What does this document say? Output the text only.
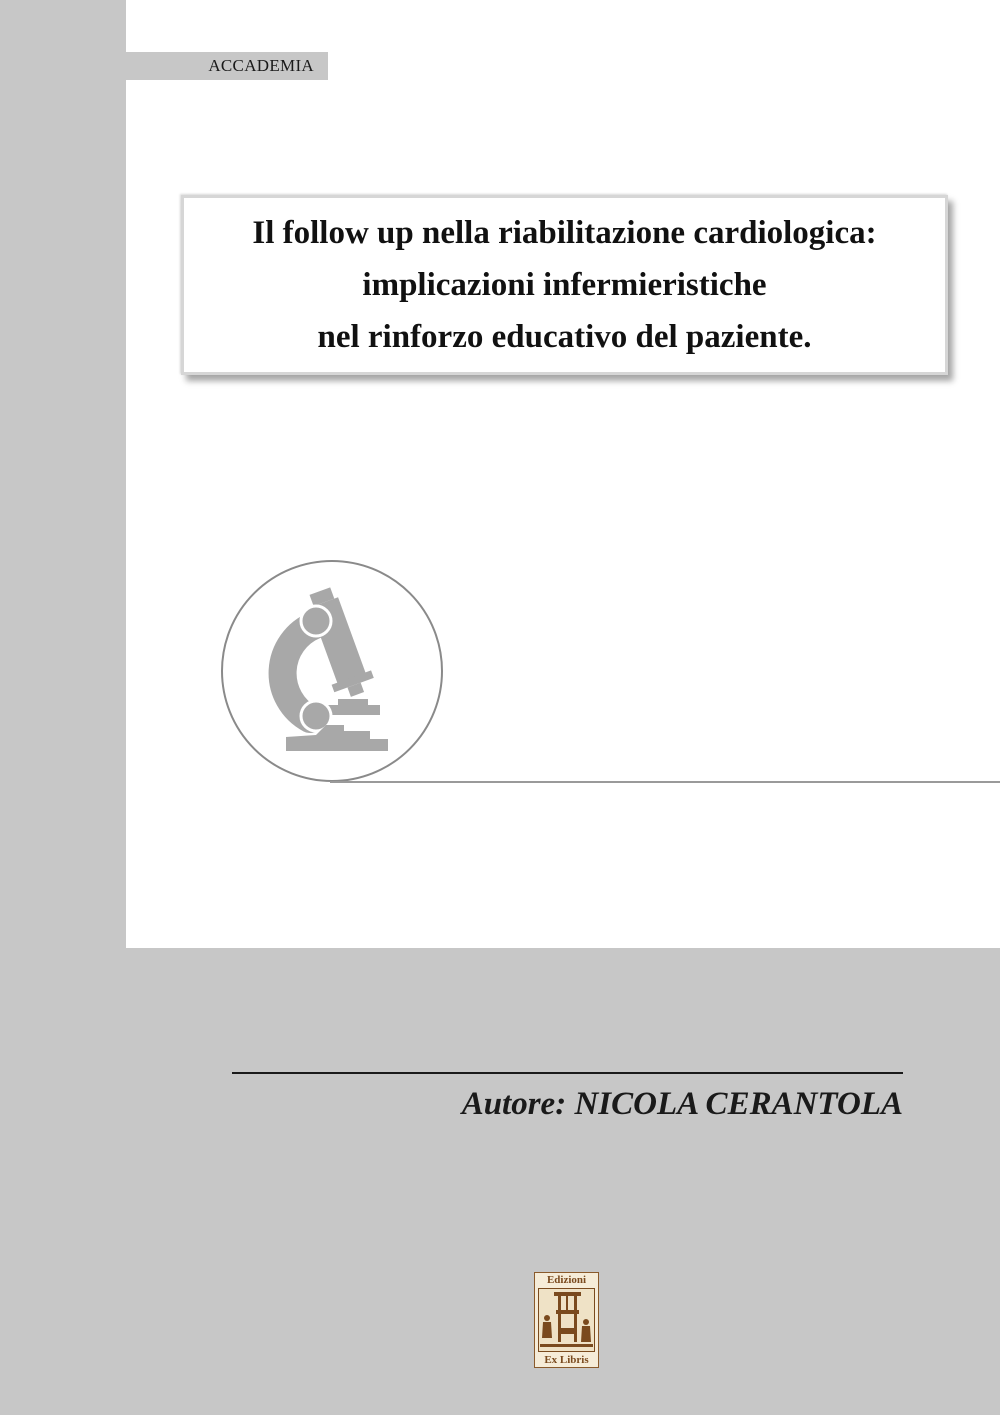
ACCADEMIA
Il follow up nella riabilitazione cardiologica:
implicazioni infermieristiche
nel rinforzo educativo del paziente.
Autore: NICOLA CERANTOLA
Edizioni
Ex Libris
